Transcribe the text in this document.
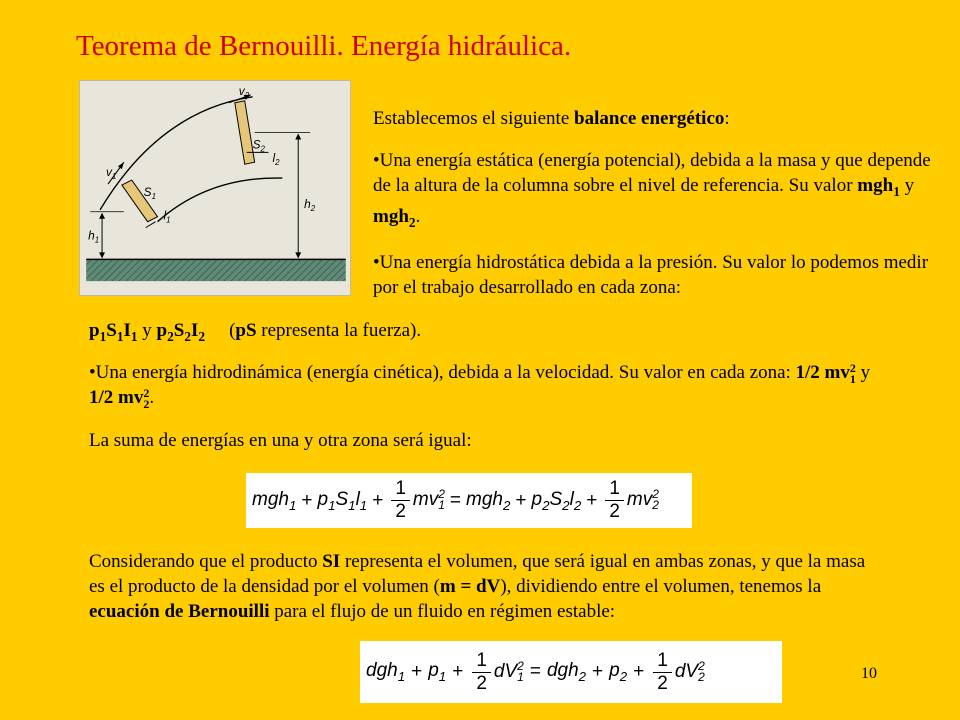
Teorema de Bernouilli. Energía hidráulica.
$v_1$
$v_2$
$S_1$
$S_2$
$l_1$
$l_2$
$h_1$
$h_2$

Establecemos el siguiente balance energético:

•Una energía estática (energía potencial), debida a la masa y que depende de la altura de la columna sobre el nivel de referencia. Su valor mgh$_1$ y mgh$_2$.

•Una energía hidrostática debida a la presión. Su valor lo podemos medir por el trabajo desarrollado en cada zona:

$p_1S_1I_1$ y $p_2S_2I_2$ (pS representa la fuerza).

•Una energía hidrodinámica (energía cinética), debida a la velocidad. Su valor en cada zona: 1/2 mv 2
1 y 1/2 mv 2
2 .

La suma de energías en una y otra zona será igual:

$mgh_1 + p_1S_1l_1 + \frac{1}{2}$ mv 2
$1 = mgh_2 + p_2S_2l_2 + \frac{1}{2}$ mv 2
2

Considerando que el producto SI representa el volumen, que será igual en ambas zonas, y que la masa es el producto de la densidad por el volumen (m = dV), dividiendo entre el volumen, tenemos la ecuación de Bernouilli para el flujo de un fluido en régimen estable:

$dgh_1 + p_1 + \frac{1}{2}$ dV 2
$1 = dgh_2 + p_2 + \frac{1}{2}$ dV 2
2	10
